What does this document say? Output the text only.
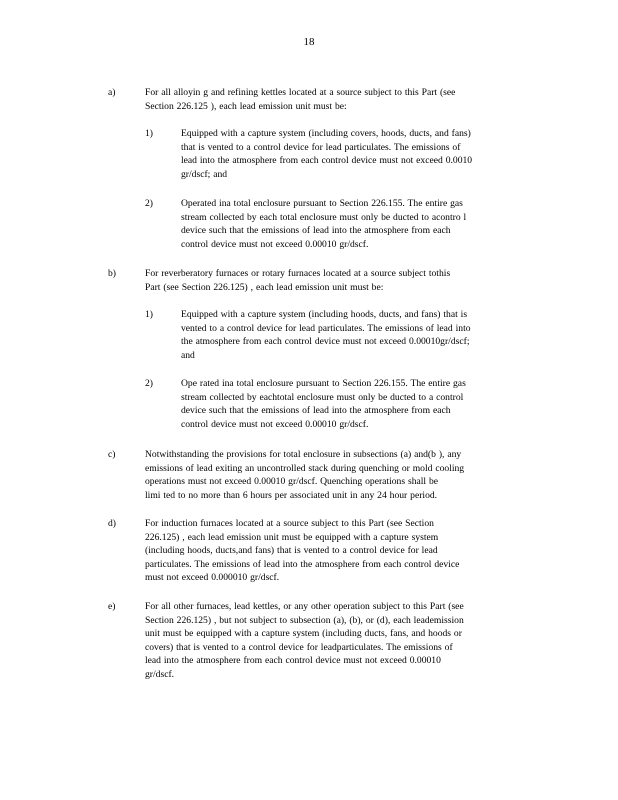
18
a)	For all alloyin g and refining kettles located at a source subject to this Part (see
Section 226.125 ), each lead emission unit must be:
1)	Equipped with a capture system (including covers, hoods, ducts, and fans)
that is vented to a control device for lead particulates. The emissions of
lead into the atmosphere from each control device must not exceed 0.0010
gr/dscf; and
2)	Operated ina total enclosure pursuant to Section 226.155. The entire gas
stream collected by each total enclosure must only be ducted to acontro l
device such that the emissions of lead into the atmosphere from each
control device must not exceed 0.00010 gr/dscf.
b)	For reverberatory furnaces or rotary furnaces located at a source subject tothis
Part (see Section 226.125) , each lead emission unit must be:
1)	Equipped with a capture system (including hoods, ducts, and fans) that is
vented to a control device for lead particulates. The emissions of lead into
the atmosphere from each control device must not exceed 0.00010gr/dscf;
and
2)	Ope rated ina total enclosure pursuant to Section 226.155. The entire gas
stream collected by eachtotal enclosure must only be ducted to a control
device such that the emissions of lead into the atmosphere from each
control device must not exceed 0.00010 gr/dscf.
c)	Notwithstanding the provisions for total enclosure in subsections (a) and(b ), any
emissions of lead exiting an uncontrolled stack during quenching or mold cooling
operations must not exceed 0.00010 gr/dscf. Quenching operations shall be
limi ted to no more than 6 hours per associated unit in any 24 hour period.
d)	For induction furnaces located at a source subject to this Part (see Section
226.125) , each lead emission unit must be equipped with a capture system
(including hoods, ducts,and fans) that is vented to a control device for lead
particulates. The emissions of lead into the atmosphere from each control device
must not exceed 0.000010 gr/dscf.
e)	For all other furnaces, lead kettles, or any other operation subject to this Part (see
Section 226.125) , but not subject to subsection (a), (b), or (d), each leademission
unit must be equipped with a capture system (including ducts, fans, and hoods or
covers) that is vented to a control device for leadparticulates. The emissions of
lead into the atmosphere from each control device must not exceed 0.00010
gr/dscf.
